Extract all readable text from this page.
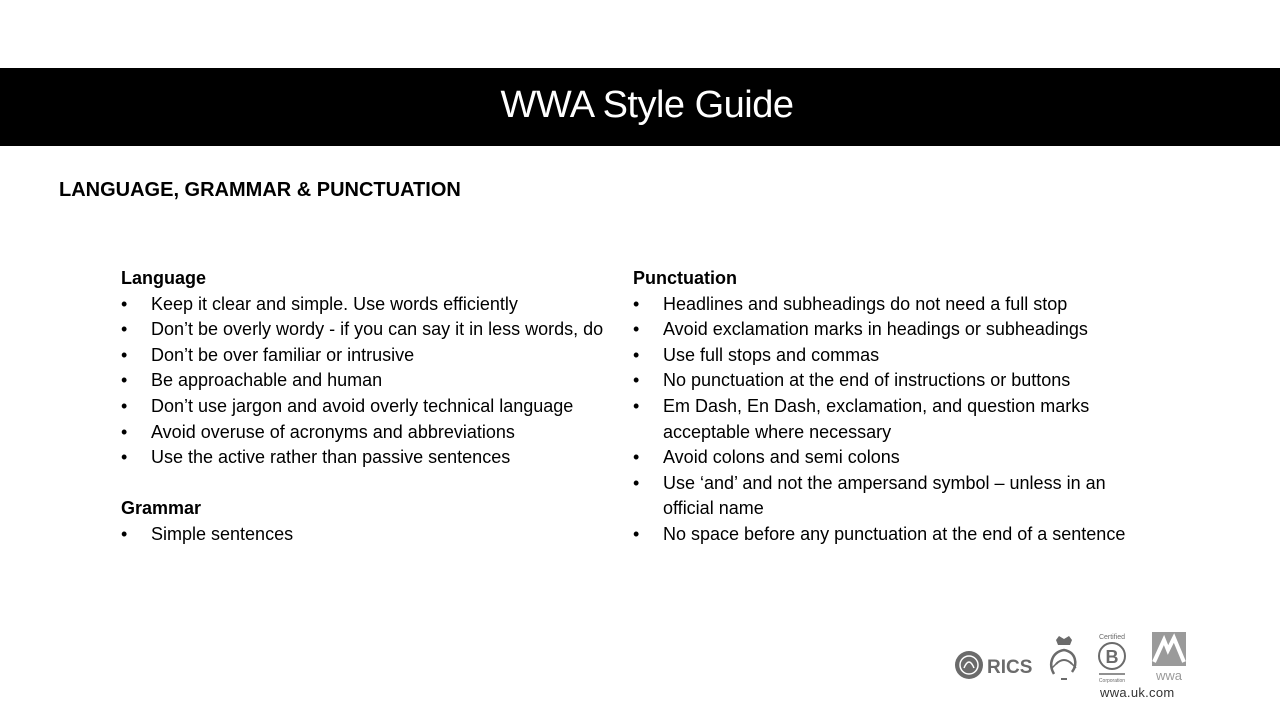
WWA Style Guide
LANGUAGE, GRAMMAR & PUNCTUATION
Language
• Keep it clear and simple. Use words efficiently
• Don’t be overly wordy - if you can say it in less words, do
• Don’t be over familiar or intrusive
• Be approachable and human
• Don’t use jargon and avoid overly technical language
• Avoid overuse of acronyms and abbreviations
• Use the active rather than passive sentences
Grammar
• Simple sentences
Punctuation
• Headlines and subheadings do not need a full stop
• Avoid exclamation marks in headings or subheadings
• Use full stops and commas
• No punctuation at the end of instructions or buttons
• Em Dash, En Dash, exclamation, and question marks acceptable where necessary
• Avoid colons and semi colons
• Use ‘and’ and not the ampersand symbol – unless in an official name
• No space before any punctuation at the end of a sentence
RICS
Certified
B
Corporation wwa
wwa.uk.com
